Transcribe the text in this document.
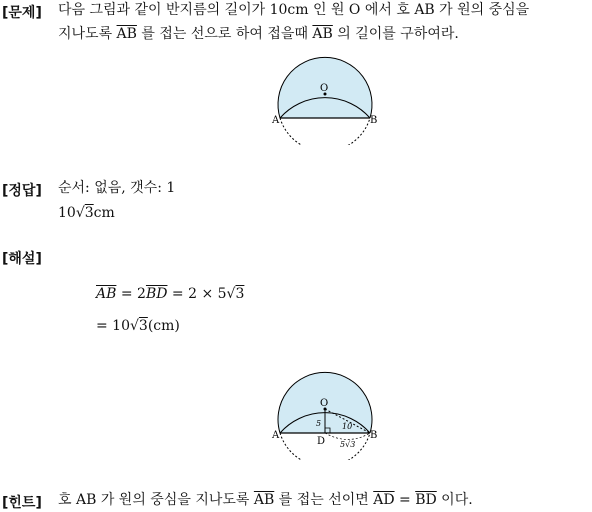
[문제] 다음 그림과 같이 반지름의 길이가 10cm 인 원 O 에서 호 AB 가 원의 중심을
지나도록 $\overline{AB}$ 를 접는 선으로 하여 접을때 $\overline{AB}$ 의 길이를 구하여라.
O
A	B
[정답] 순서: 없음, 갯수: 1
10√3cm
[해설]
$\overline{AB} = 2\overline{BD} = 2 \times 5√3$
= 10√3(cm)
O
A	B
D
5	10
5√3
[힌트] 호 AB 가 원의 중심을 지나도록 $\overline{AB}$ 를 접는 선이면 $\overline{AD} = \overline{BD}$ 이다.
